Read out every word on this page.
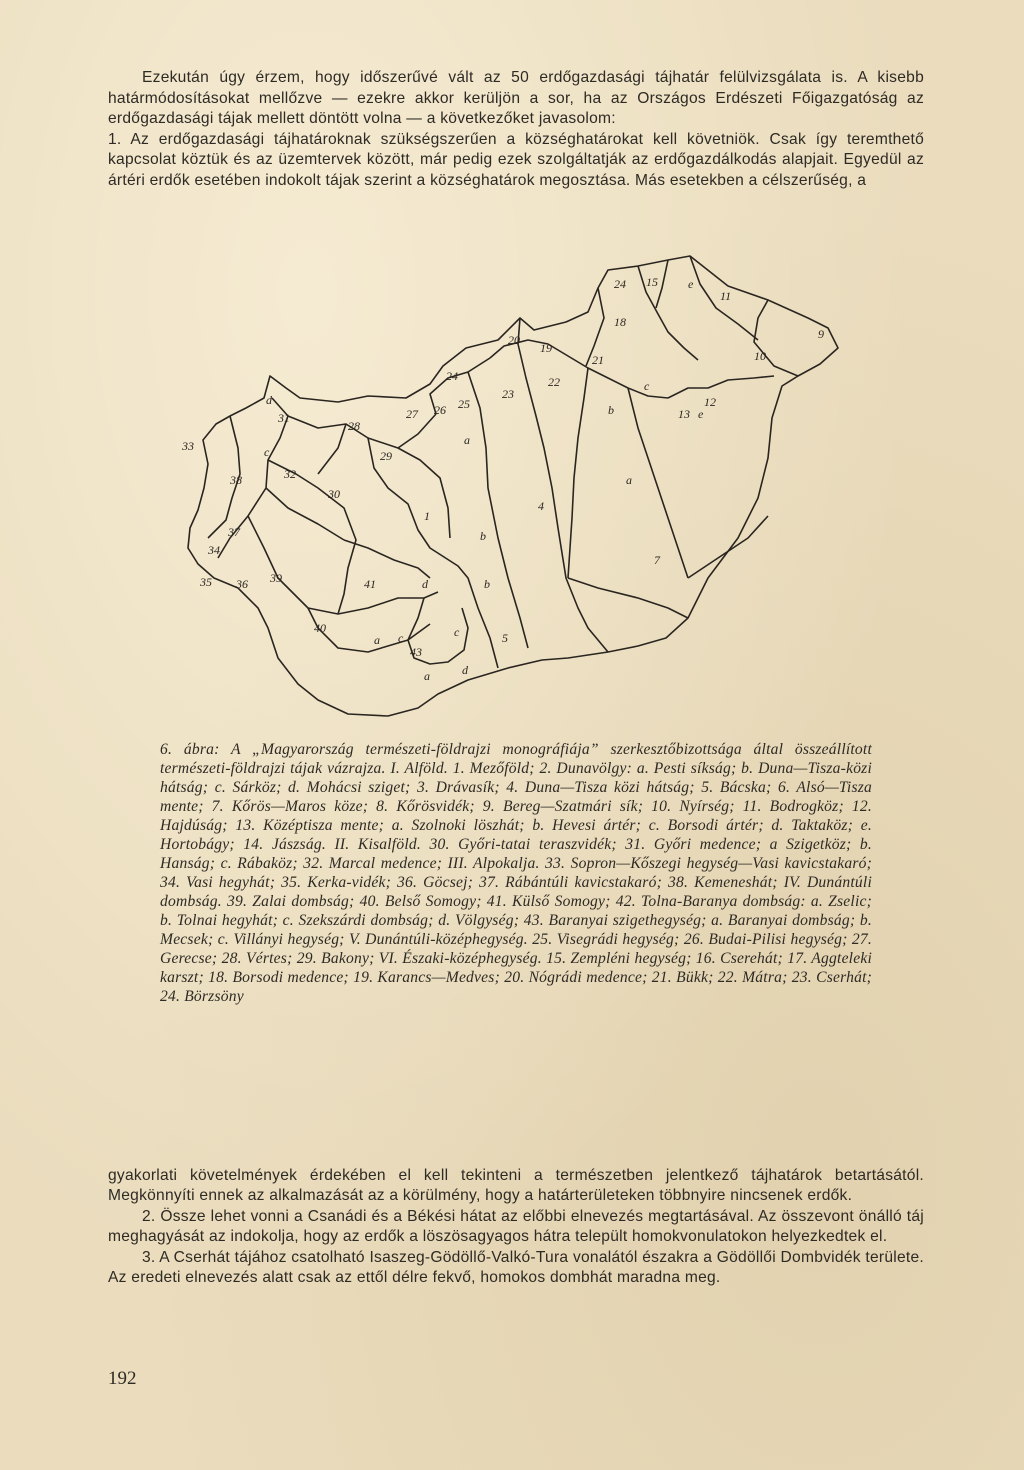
Ezekután úgy érzem, hogy időszerűvé vált az 50 erdőgazdasági tájhatár felülvizsgálata is. A kisebb határmódosításokat mellőzve — ezekre akkor kerüljön a sor, ha az Országos Erdészeti Főigazgatóság az erdőgazdasági tájak mellett döntött volna — a következőket javasolom:

1. Az erdőgazdasági tájhatároknak szükségszerűen a községhatárokat kell követniök. Csak így teremthető kapcsolat köztük és az üzemtervek között, már pedig ezek szolgáltatják az erdőgazdálkodás alapjait. Egyedül az ártéri erdők esetében indokolt tájak szerint a községhatárok megosztása. Más esetekben a célszerűség, a

24 15	e
11
9
10
12
18
20
19
21
22
23
24
13 e
c
b
a
7
4
1
5
a
b
b
25
26
27
28
29
30
31
d
c
32
33
38
37
34
35 36 39
40
41	d
a c
43
a
c
d

6. ábra: A „Magyarország természeti-földrajzi monográfiája” szerkesztőbizottsága által összeállított természeti-földrajzi tájak vázrajza. I. Alföld. 1. Mezőföld; 2. Dunavölgy: a. Pesti síkság; b. Duna—Tisza-közi hátság; c. Sárköz; d. Mohácsi sziget; 3. Drávasík; 4. Duna—Tisza közi hátság; 5. Bácska; 6. Alsó—Tisza mente; 7. Kőrös—Maros köze; 8. Kőrösvidék; 9. Bereg—Szatmári sík; 10. Nyírség; 11. Bodrogköz; 12. Hajdúság; 13. Középtisza mente; a. Szolnoki löszhát; b. Hevesi ártér; c. Borsodi ártér; d. Taktaköz; e. Hortobágy; 14. Jászság. II. Kisalföld. 30. Győri-tatai teraszvidék; 31. Győri medence; a Szigetköz; b. Hanság; c. Rábaköz; 32. Marcal medence; III. Alpokalja. 33. Sopron—Kőszegi hegység—Vasi kavicstakaró; 34. Vasi hegyhát; 35. Kerka-vidék; 36. Göcsej; 37. Rábántúli kavicstakaró; 38. Kemeneshát; IV. Dunántúli dombság. 39. Zalai dombság; 40. Belső Somogy; 41. Külső Somogy; 42. Tolna-Baranya dombság: a. Zselic; b. Tolnai hegyhát; c. Szekszárdi dombság; d. Völgység; 43. Baranyai szigethegység; a. Baranyai dombság; b. Mecsek; c. Villányi hegység; V. Dunántúli-középhegység. 25. Visegrádi hegység; 26. Budai-Pilisi hegység; 27. Gerecse; 28. Vértes; 29. Bakony; VI. Északi-középhegység. 15. Zempléni hegység; 16. Cserehát; 17. Aggteleki karszt; 18. Borsodi medence; 19. Karancs—Medves; 20. Nógrádi medence; 21. Bükk; 22. Mátra; 23. Cserhát; 24. Börzsöny

gyakorlati követelmények érdekében el kell tekinteni a természetben jelentkező tájhatárok betartásától. Megkönnyíti ennek az alkalmazását az a körülmény, hogy a határterületeken többnyire nincsenek erdők.

2. Össze lehet vonni a Csanádi és a Békési hátat az előbbi elnevezés megtartásával. Az összevont önálló táj meghagyását az indokolja, hogy az erdők a löszösagyagos hátra települt homokvonulatokon helyezkedtek el.

3. A Cserhát tájához csatolható Isaszeg-Gödöllő-Valkó-Tura vonalától északra a Gödöllői Dombvidék területe. Az eredeti elnevezés alatt csak az ettől délre fekvő, homokos dombhát maradna meg.

192
